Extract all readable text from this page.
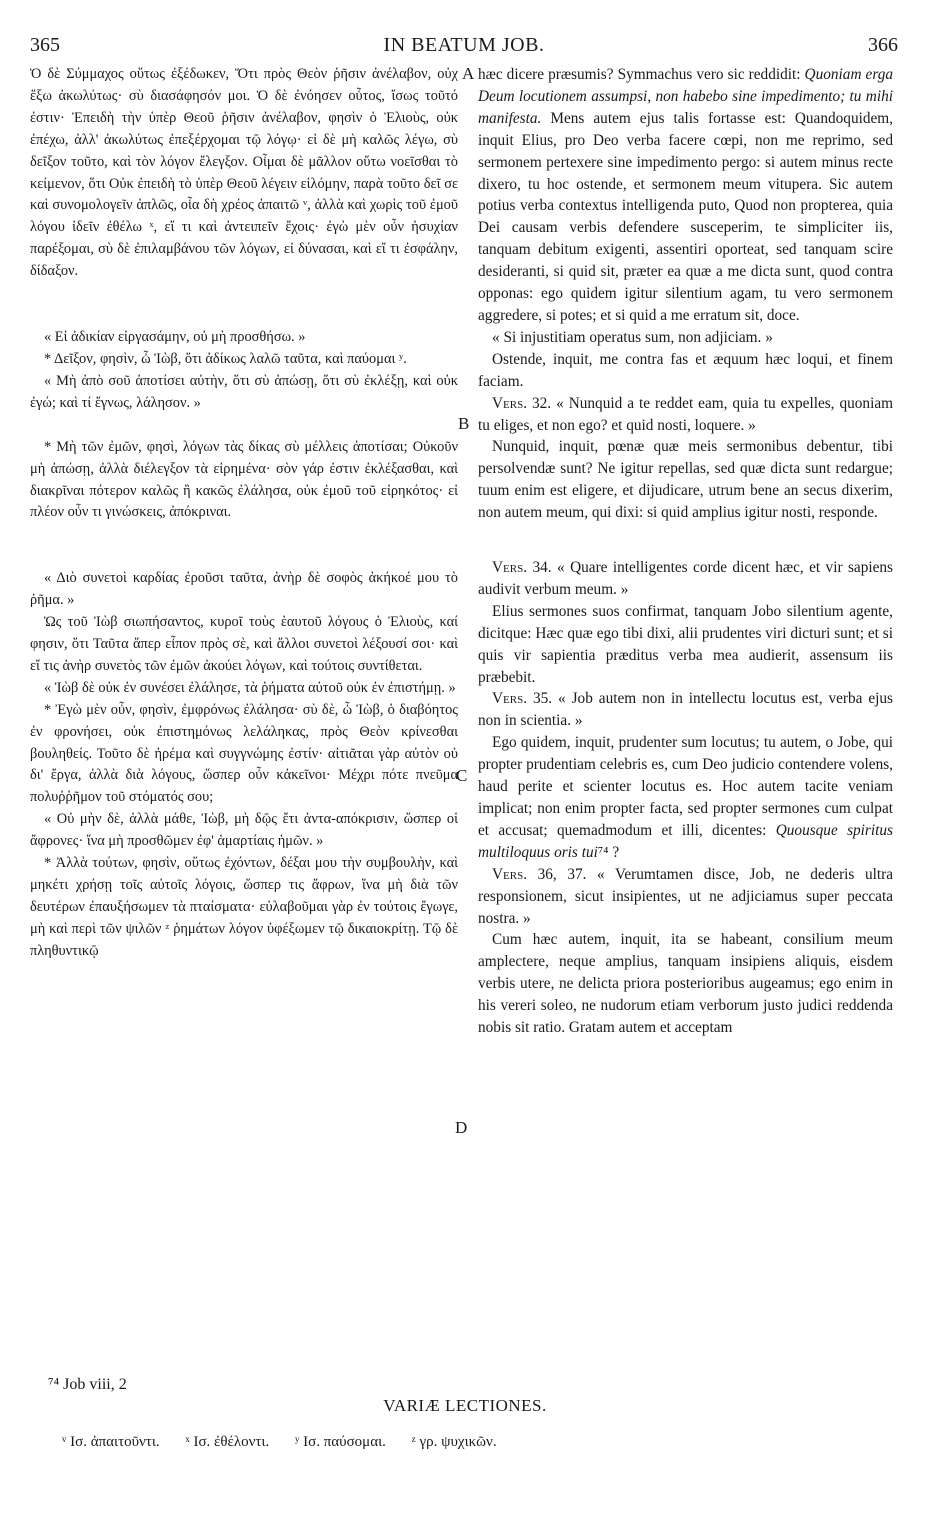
365	IN BEATUM JOB.	366

Ὁ δὲ Σύμμαχος οὕτως ἐξέδωκεν, Ὅτι πρὸς Θεὸν ῥῆσιν ἀνέλαβον, οὐχ ἕξω ἀκωλύτως· σὺ διασάφησόν μοι. Ὁ δὲ ἐνόησεν οὗτος, ἴσως τοῦτό ἐστιν· Ἐπειδὴ τὴν ὑπὲρ Θεοῦ ῥῆσιν ἀνέλαβον, φησὶν ὁ Ἐλιοὺς, οὐκ ἐπέχω, ἀλλ' ἀκωλύτως ἐπεξέρχομαι τῷ λόγῳ· εἰ δὲ μὴ καλῶς λέγω, σὺ δεῖξον τοῦτο, καὶ τὸν λόγον ἔλεγξον. Οἶμαι δὲ μᾶλλον οὕτω νοεῖσθαι τὸ κείμενον, ὅτι Οὐκ ἐπειδὴ τὸ ὑπὲρ Θεοῦ λέγειν εἱλόμην, παρὰ τοῦτο δεῖ σε καὶ συνομολογεῖν ἁπλῶς, οἷα δὴ χρέος ἀπαιτῶ ᵛ, ἀλλὰ καὶ χωρὶς τοῦ ἐμοῦ λόγου ἰδεῖν ἐθέλω ˣ, εἴ τι καὶ ἀντειπεῖν ἔχοις· ἐγὼ μὲν οὖν ἡσυχίαν παρέξομαι, σὺ δὲ ἐπιλαμβάνου τῶν λόγων, εἰ δύνασαι, καὶ εἴ τι ἐσφάλην, δίδαξον.

« Εἰ ἀδικίαν εἰργασάμην, οὐ μὴ προσθήσω. »

* Δεῖξον, φησὶν, ὦ Ἰὼβ, ὅτι ἀδίκως λαλῶ ταῦτα, καὶ παύομαι ʸ.

« Μὴ ἀπὸ σοῦ ἀποτίσει αὐτὴν, ὅτι σὺ ἀπώσῃ, ὅτι σὺ ἐκλέξῃ, καὶ οὐκ ἐγώ; καὶ τί ἔγνως, λάλησον. »

* Μὴ τῶν ἐμῶν, φησὶ, λόγων τὰς δίκας σὺ μέλλεις ἀποτίσαι; Οὐκοῦν μὴ ἀπώσῃ, ἀλλὰ διέλεγξον τὰ εἰρημένα· σὸν γάρ ἐστιν ἐκλέξασθαι, καὶ διακρῖναι πότερον καλῶς ἢ κακῶς ἐλάλησα, οὐκ ἐμοῦ τοῦ εἰρηκότος· εἰ πλέον οὖν τι γινώσκεις, ἀπόκριναι.

« Διὸ συνετοὶ καρδίας ἐροῦσι ταῦτα, ἀνὴρ δὲ σοφὸς ἀκήκοέ μου τὸ ῥῆμα. »

Ὡς τοῦ Ἰὼβ σιωπήσαντος, κυροῖ τοὺς ἑαυτοῦ λόγους ὁ Ἐλιοὺς, καί φησιν, ὅτι Ταῦτα ἅπερ εἶπον πρὸς σὲ, καὶ ἄλλοι συνετοὶ λέξουσί σοι· καὶ εἴ τις ἀνὴρ συνετὸς τῶν ἐμῶν ἀκούει λόγων, καὶ τούτοις συντίθεται.

« Ἰὼβ δὲ οὐκ ἐν συνέσει ἐλάλησε, τὰ ῥήματα αὐτοῦ οὐκ ἐν ἐπιστήμῃ. »

* Ἐγὼ μὲν οὖν, φησὶν, ἐμφρόνως ἐλάλησα· σὺ δὲ, ὦ Ἰὼβ, ὁ διαβόητος ἐν φρονήσει, οὐκ ἐπιστημόνως λελάληκας, πρὸς Θεὸν κρίνεσθαι βουληθείς. Τοῦτο δὲ ἠρέμα καὶ συγγνώμης ἐστίν· αἰτιᾶται γὰρ αὐτὸν οὐ δι' ἔργα, ἀλλὰ διὰ λόγους, ὥσπερ οὖν κἀκεῖνοι· Μέχρι πότε πνεῦμα πολυῤῥῆμον τοῦ στόματός σου;

« Οὐ μὴν δὲ, ἀλλὰ μάθε, Ἰὼβ, μὴ δῷς ἔτι ἀντα-απόκρισιν, ὥσπερ οἱ ἄφρονες· ἵνα μὴ προσθῶμεν ἐφ' ἁμαρτίαις ἡμῶν. »

* Ἀλλὰ τούτων, φησὶν, οὕτως ἐχόντων, δέξαι μου τὴν συμβουλὴν, καὶ μηκέτι χρήσῃ τοῖς αὐτοῖς λόγοις, ὥσπερ τις ἄφρων, ἵνα μὴ διὰ τῶν δευτέρων ἐπαυξήσωμεν τὰ πταίσματα· εὐλαβοῦμαι γὰρ ἐν τούτοις ἔγωγε, μὴ καὶ περὶ τῶν ψιλῶν ᶻ ῥημάτων λόγον ὑφέξωμεν τῷ δικαιοκρίτῃ. Τῷ δὲ πληθυντικῷ

A
B
C
D

hæc dicere præsumis? Symmachus vero sic reddidit: Quoniam erga Deum locutionem assumpsi, non habebo sine impedimento; tu mihi manifesta. Mens autem ejus talis fortasse est: Quandoquidem, inquit Elius, pro Deo verba facere cœpi, non me reprimo, sed sermonem pertexere sine impedimento pergo: si autem minus recte dixero, tu hoc ostende, et sermonem meum vitupera. Sic autem potius verba contextus intelligenda puto, Quod non propterea, quia Dei causam verbis defendere susceperim, te simpliciter iis, tanquam debitum exigenti, assentiri oporteat, sed tanquam scire desideranti, si quid sit, præter ea quæ a me dicta sunt, quod contra opponas: ego quidem igitur silentium agam, tu vero sermonem aggredere, si potes; et si quid a me erratum sit, doce.

« Si injustitiam operatus sum, non adjiciam. »

Ostende, inquit, me contra fas et æquum hæc loqui, et finem faciam.

Vers. 32. « Nunquid a te reddet eam, quia tu expelles, quoniam tu eliges, et non ego? et quid nosti, loquere. »

Nunquid, inquit, pœnæ quæ meis sermonibus debentur, tibi persolvendæ sunt? Ne igitur repellas, sed quæ dicta sunt redargue; tuum enim est eligere, et dijudicare, utrum bene an secus dixerim, non autem meum, qui dixi: si quid amplius igitur nosti, responde.

Vers. 34. « Quare intelligentes corde dicent hæc, et vir sapiens audivit verbum meum. »

Elius sermones suos confirmat, tanquam Jobo silentium agente, dicitque: Hæc quæ ego tibi dixi, alii prudentes viri dicturi sunt; et si quis vir sapientia præditus verba mea audierit, assensum iis præbebit.

Vers. 35. « Job autem non in intellectu locutus est, verba ejus non in scientia. »

Ego quidem, inquit, prudenter sum locutus; tu autem, o Jobe, qui propter prudentiam celebris es, cum Deo judicio contendere volens, haud perite et scienter locutus es. Hoc autem tacite veniam implicat; non enim propter facta, sed propter sermones cum culpat et accusat; quemadmodum et illi, dicentes: Quousque spiritus multiloquus oris tui⁷⁴ ?

Vers. 36, 37. « Verumtamen disce, Job, ne dederis ultra responsionem, sicut insipientes, ut ne adjiciamus super peccata nostra. »

Cum hæc autem, inquit, ita se habeant, consilium meum amplectere, neque amplius, tanquam insipiens aliquis, eisdem verbis utere, ne delicta priora posterioribus augeamus; ego enim in his vereri soleo, ne nudorum etiam verborum justo judici reddenda nobis sit ratio. Gratam autem et acceptam

⁷⁴ Job viii, 2
VARIÆ LECTIONES.
ᵛ Ισ. ἀπαιτοῦντι. ˣ Ισ. ἐθέλοντι. ʸ Ισ. παύσομαι. ᶻ γρ. ψυχικῶν.
